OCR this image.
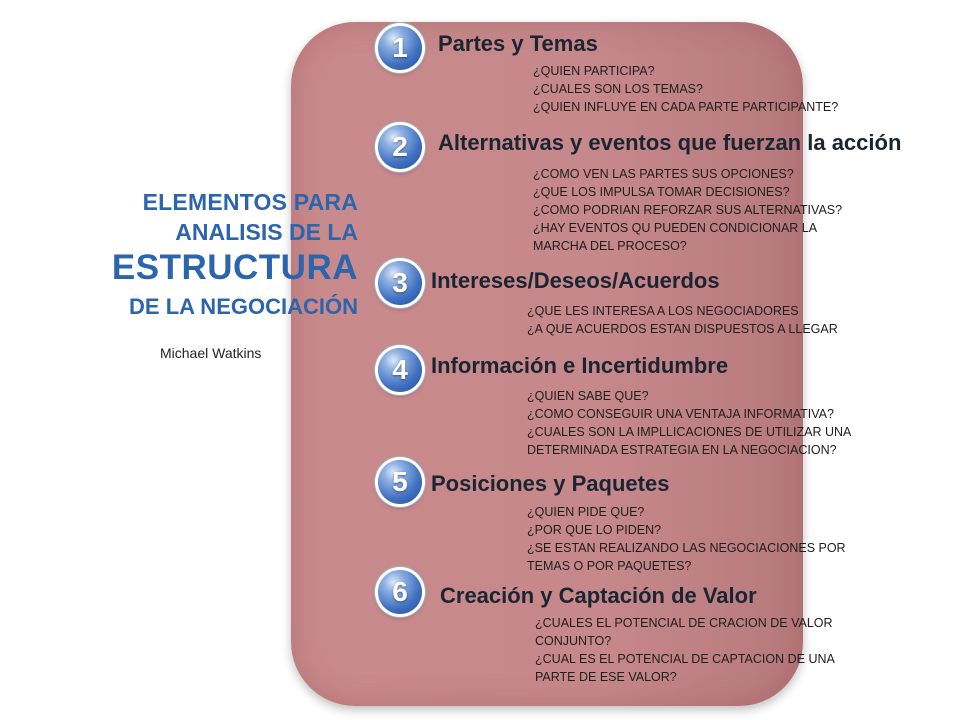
ELEMENTOS PARA
ANALISIS DE LA
ESTRUCTURA
DE LA NEGOCIACIÓN
Michael Watkins
1	Partes y Temas
¿QUIEN PARTICIPA?
¿CUALES SON LOS TEMAS?
¿QUIEN INFLUYE EN CADA PARTE PARTICIPANTE?
2	Alternativas y eventos que fuerzan la acción
¿COMO VEN LAS PARTES SUS OPCIONES?
¿QUE LOS IMPULSA TOMAR DECISIONES?
¿COMO PODRIAN REFORZAR SUS ALTERNATIVAS?
¿HAY EVENTOS QU PUEDEN CONDICIONAR LA
MARCHA DEL PROCESO?
3	Intereses/Deseos/Acuerdos
¿QUE LES INTERESA A LOS NEGOCIADORES
¿A QUE ACUERDOS ESTAN DISPUESTOS A LLEGAR
4	Información e Incertidumbre
¿QUIEN SABE QUE?
¿COMO CONSEGUIR UNA VENTAJA INFORMATIVA?
¿CUALES SON LA IMPLLICACIONES DE UTILIZAR UNA
DETERMINADA ESTRATEGIA EN LA NEGOCIACION?
5	Posiciones y Paquetes
¿QUIEN PIDE QUE?
¿POR QUE LO PIDEN?
¿SE ESTAN REALIZANDO LAS NEGOCIACIONES POR
TEMAS O POR PAQUETES?
6	Creación y Captación de Valor
¿CUALES EL POTENCIAL DE CRACION DE VALOR
CONJUNTO?
¿CUAL ES EL POTENCIAL DE CAPTACION DE UNA
PARTE DE ESE VALOR?
